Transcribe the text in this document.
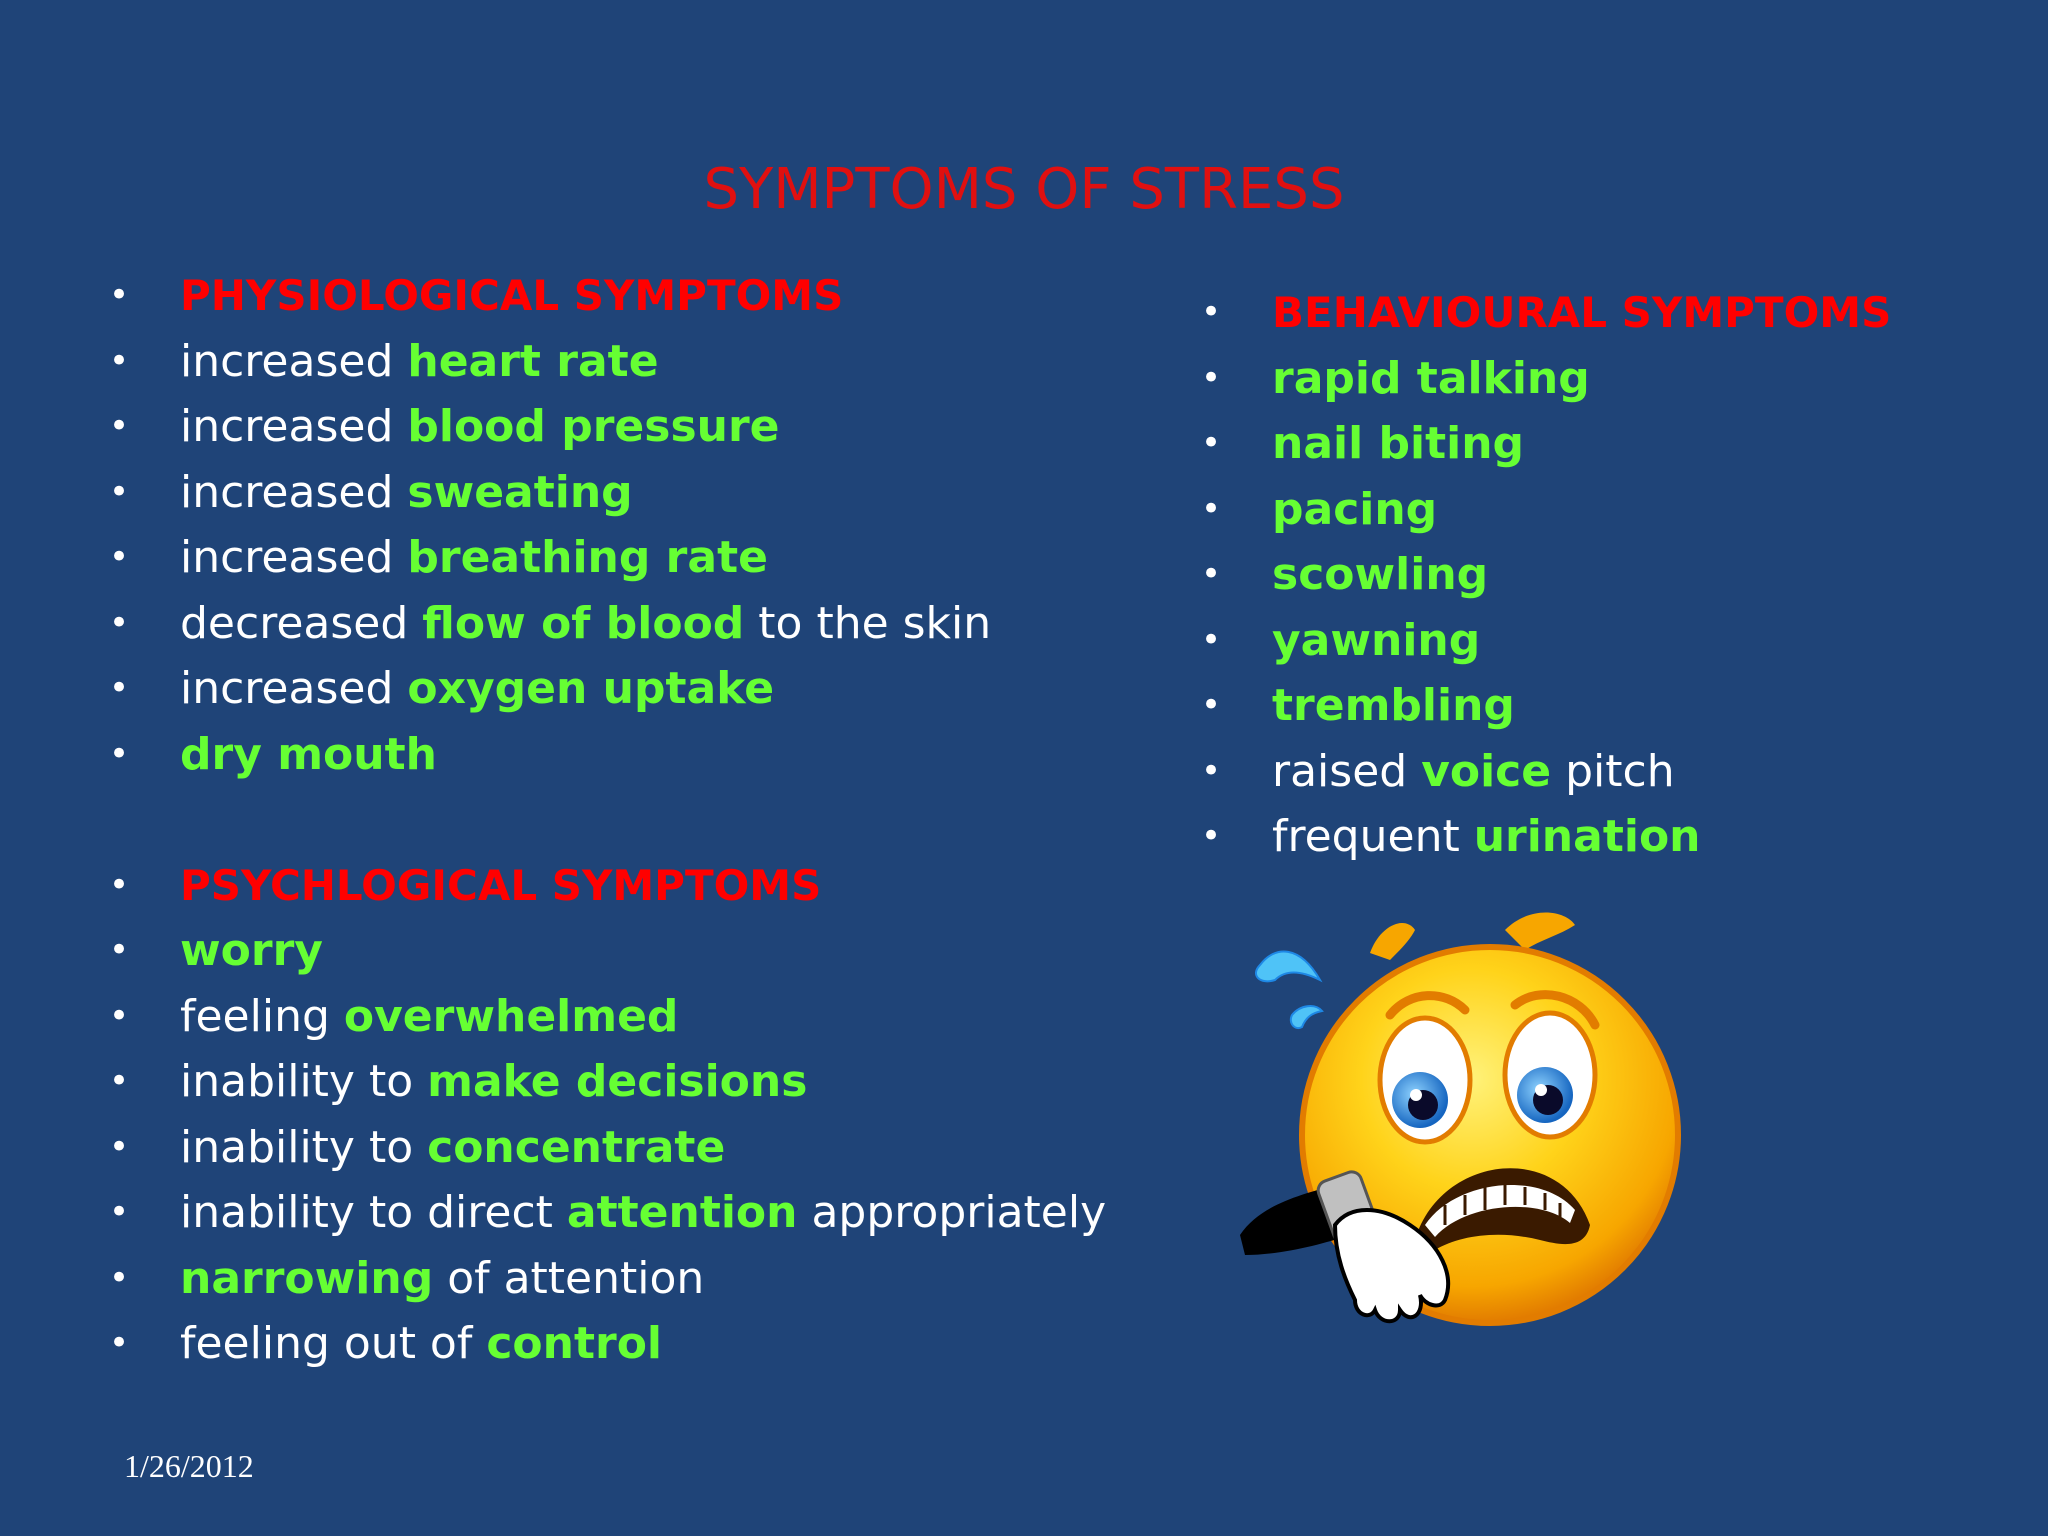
SYMPTOMS OF STRESS
• PHYSIOLOGICAL SYMPTOMS
• increased heart rate
• increased blood pressure
• increased sweating
• increased breathing rate
• decreased flow of blood to the skin
• increased oxygen uptake
• dry mouth
• PSYCHLOGICAL SYMPTOMS
• worry
• feeling overwhelmed
• inability to make decisions
• inability to concentrate
• inability to direct attention appropriately
• narrowing of attention
• feeling out of control
• BEHAVIOURAL SYMPTOMS
• rapid talking
• nail biting
• pacing
• scowling
• yawning
• trembling
• raised voice pitch
• frequent urination
1/26/2012
